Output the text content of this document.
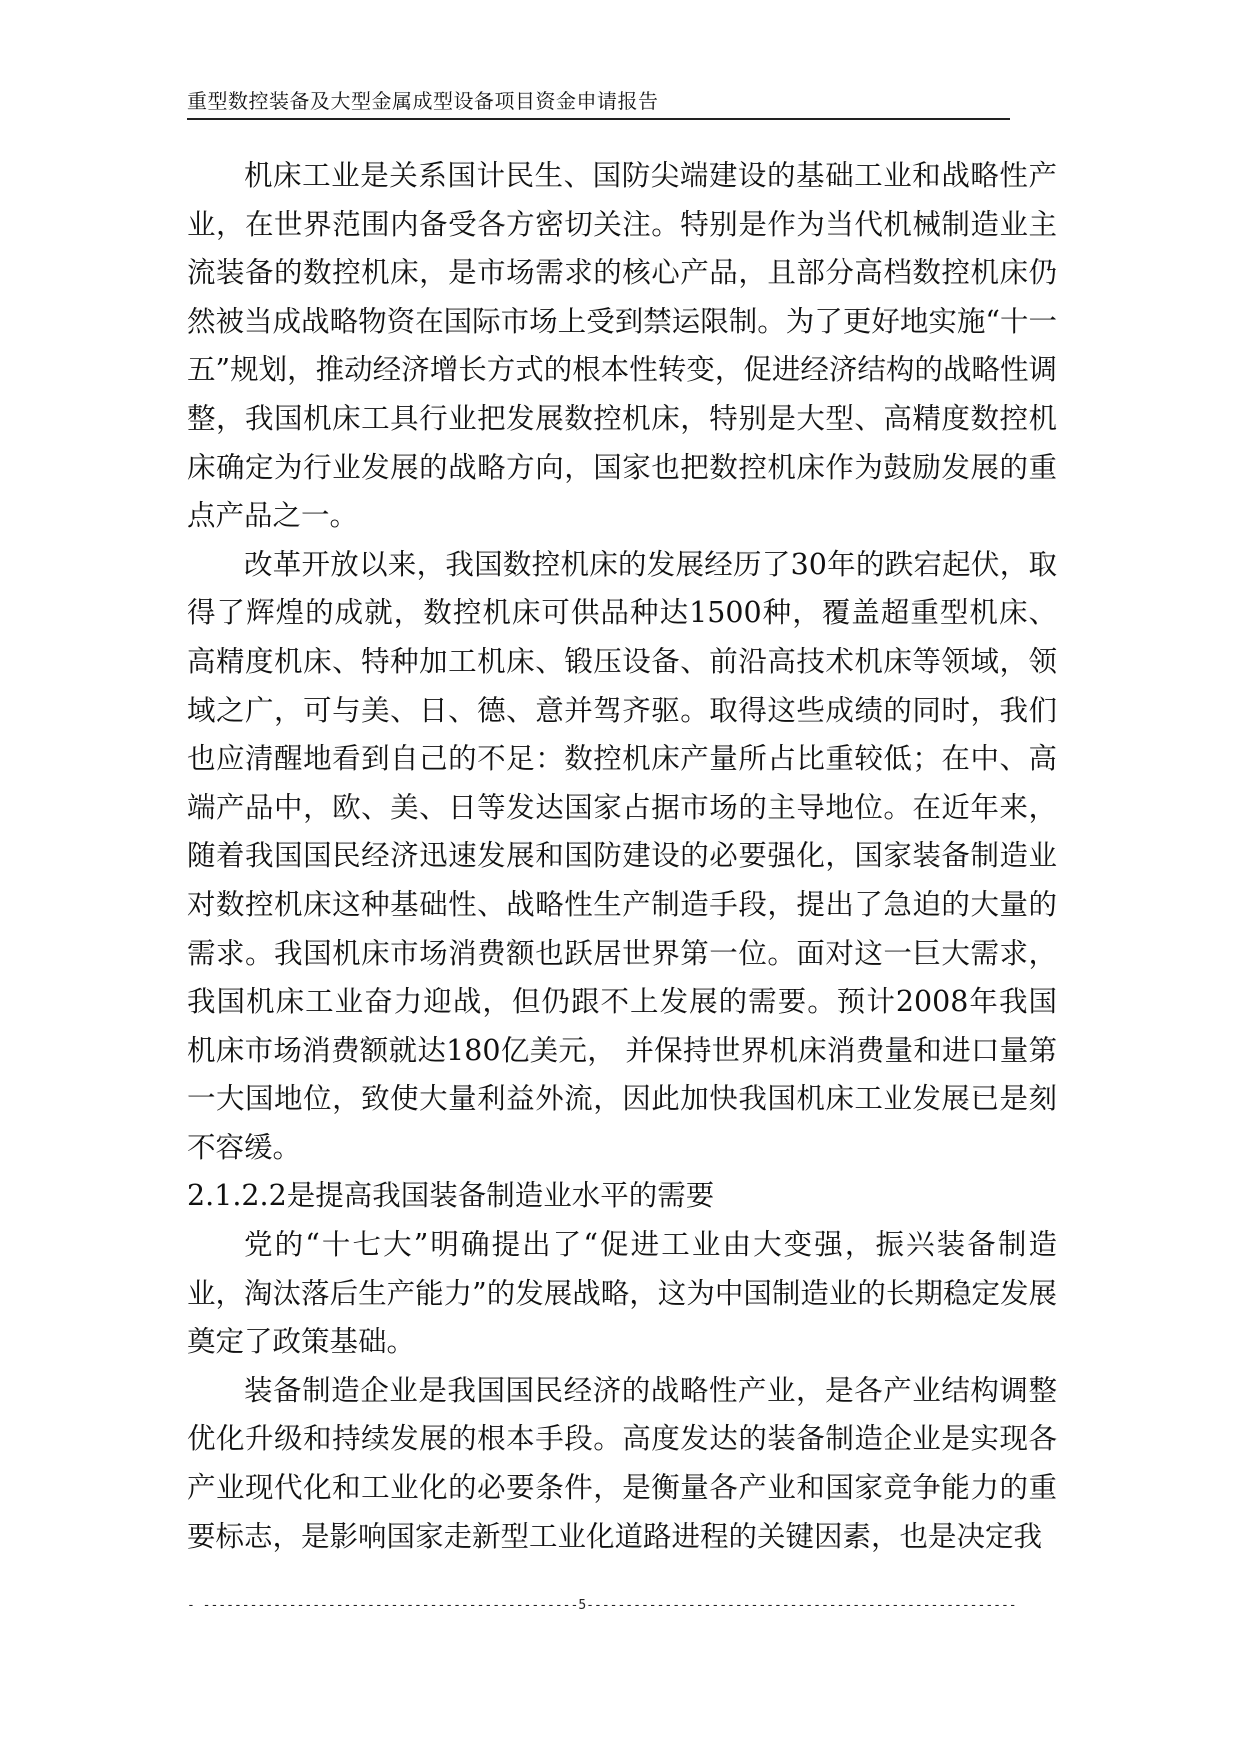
重型数控装备及大型金属成型设备项目资金申请报告

机床工业是关系国计民生、国防尖端建设的基础工业和战略性产业，在世界范围内备受各方密切关注。特别是作为当代机械制造业主流装备的数控机床，是市场需求的核心产品，且部分高档数控机床仍然被当成战略物资在国际市场上受到禁运限制。为了更好地实施“十一五”规划，推动经济增长方式的根本性转变，促进经济结构的战略性调整，我国机床工具行业把发展数控机床，特别是大型、高精度数控机床确定为行业发展的战略方向，国家也把数控机床作为鼓励发展的重点产品之一。

改革开放以来，我国数控机床的发展经历了30年的跌宕起伏，取得了辉煌的成就，数控机床可供品种达1500种，覆盖超重型机床、高精度机床、特种加工机床、锻压设备、前沿高技术机床等领域，领域之广，可与美、日、德、意并驾齐驱。取得这些成绩的同时，我们也应清醒地看到自己的不足：数控机床产量所占比重较低；在中、高端产品中，欧、美、日等发达国家占据市场的主导地位。在近年来，随着我国国民经济迅速发展和国防建设的必要强化，国家装备制造业对数控机床这种基础性、战略性生产制造手段，提出了急迫的大量的需求。我国机床市场消费额也跃居世界第一位。面对这一巨大需求，我国机床工业奋力迎战，但仍跟不上发展的需要。预计2008年我国机床市场消费额就达180亿美元， 并保持世界机床消费量和进口量第一大国地位，致使大量利益外流，因此加快我国机床工业发展已是刻不容缓。

2.1.2.2是提高我国装备制造业水平的需要

党的“十七大”明确提出了“促进工业由大变强，振兴装备制造业，淘汰落后生产能力”的发展战略，这为中国制造业的长期稳定发展奠定了政策基础。

装备制造企业是我国国民经济的战略性产业，是各产业结构调整优化升级和持续发展的根本手段。高度发达的装备制造企业是实现各产业现代化和工业化的必要条件，是衡量各产业和国家竞争能力的重要标志，是影响国家走新型工业化道路进程的关键因素，也是决定我

- ------------------------------------------------5-------------------------------------------------------
